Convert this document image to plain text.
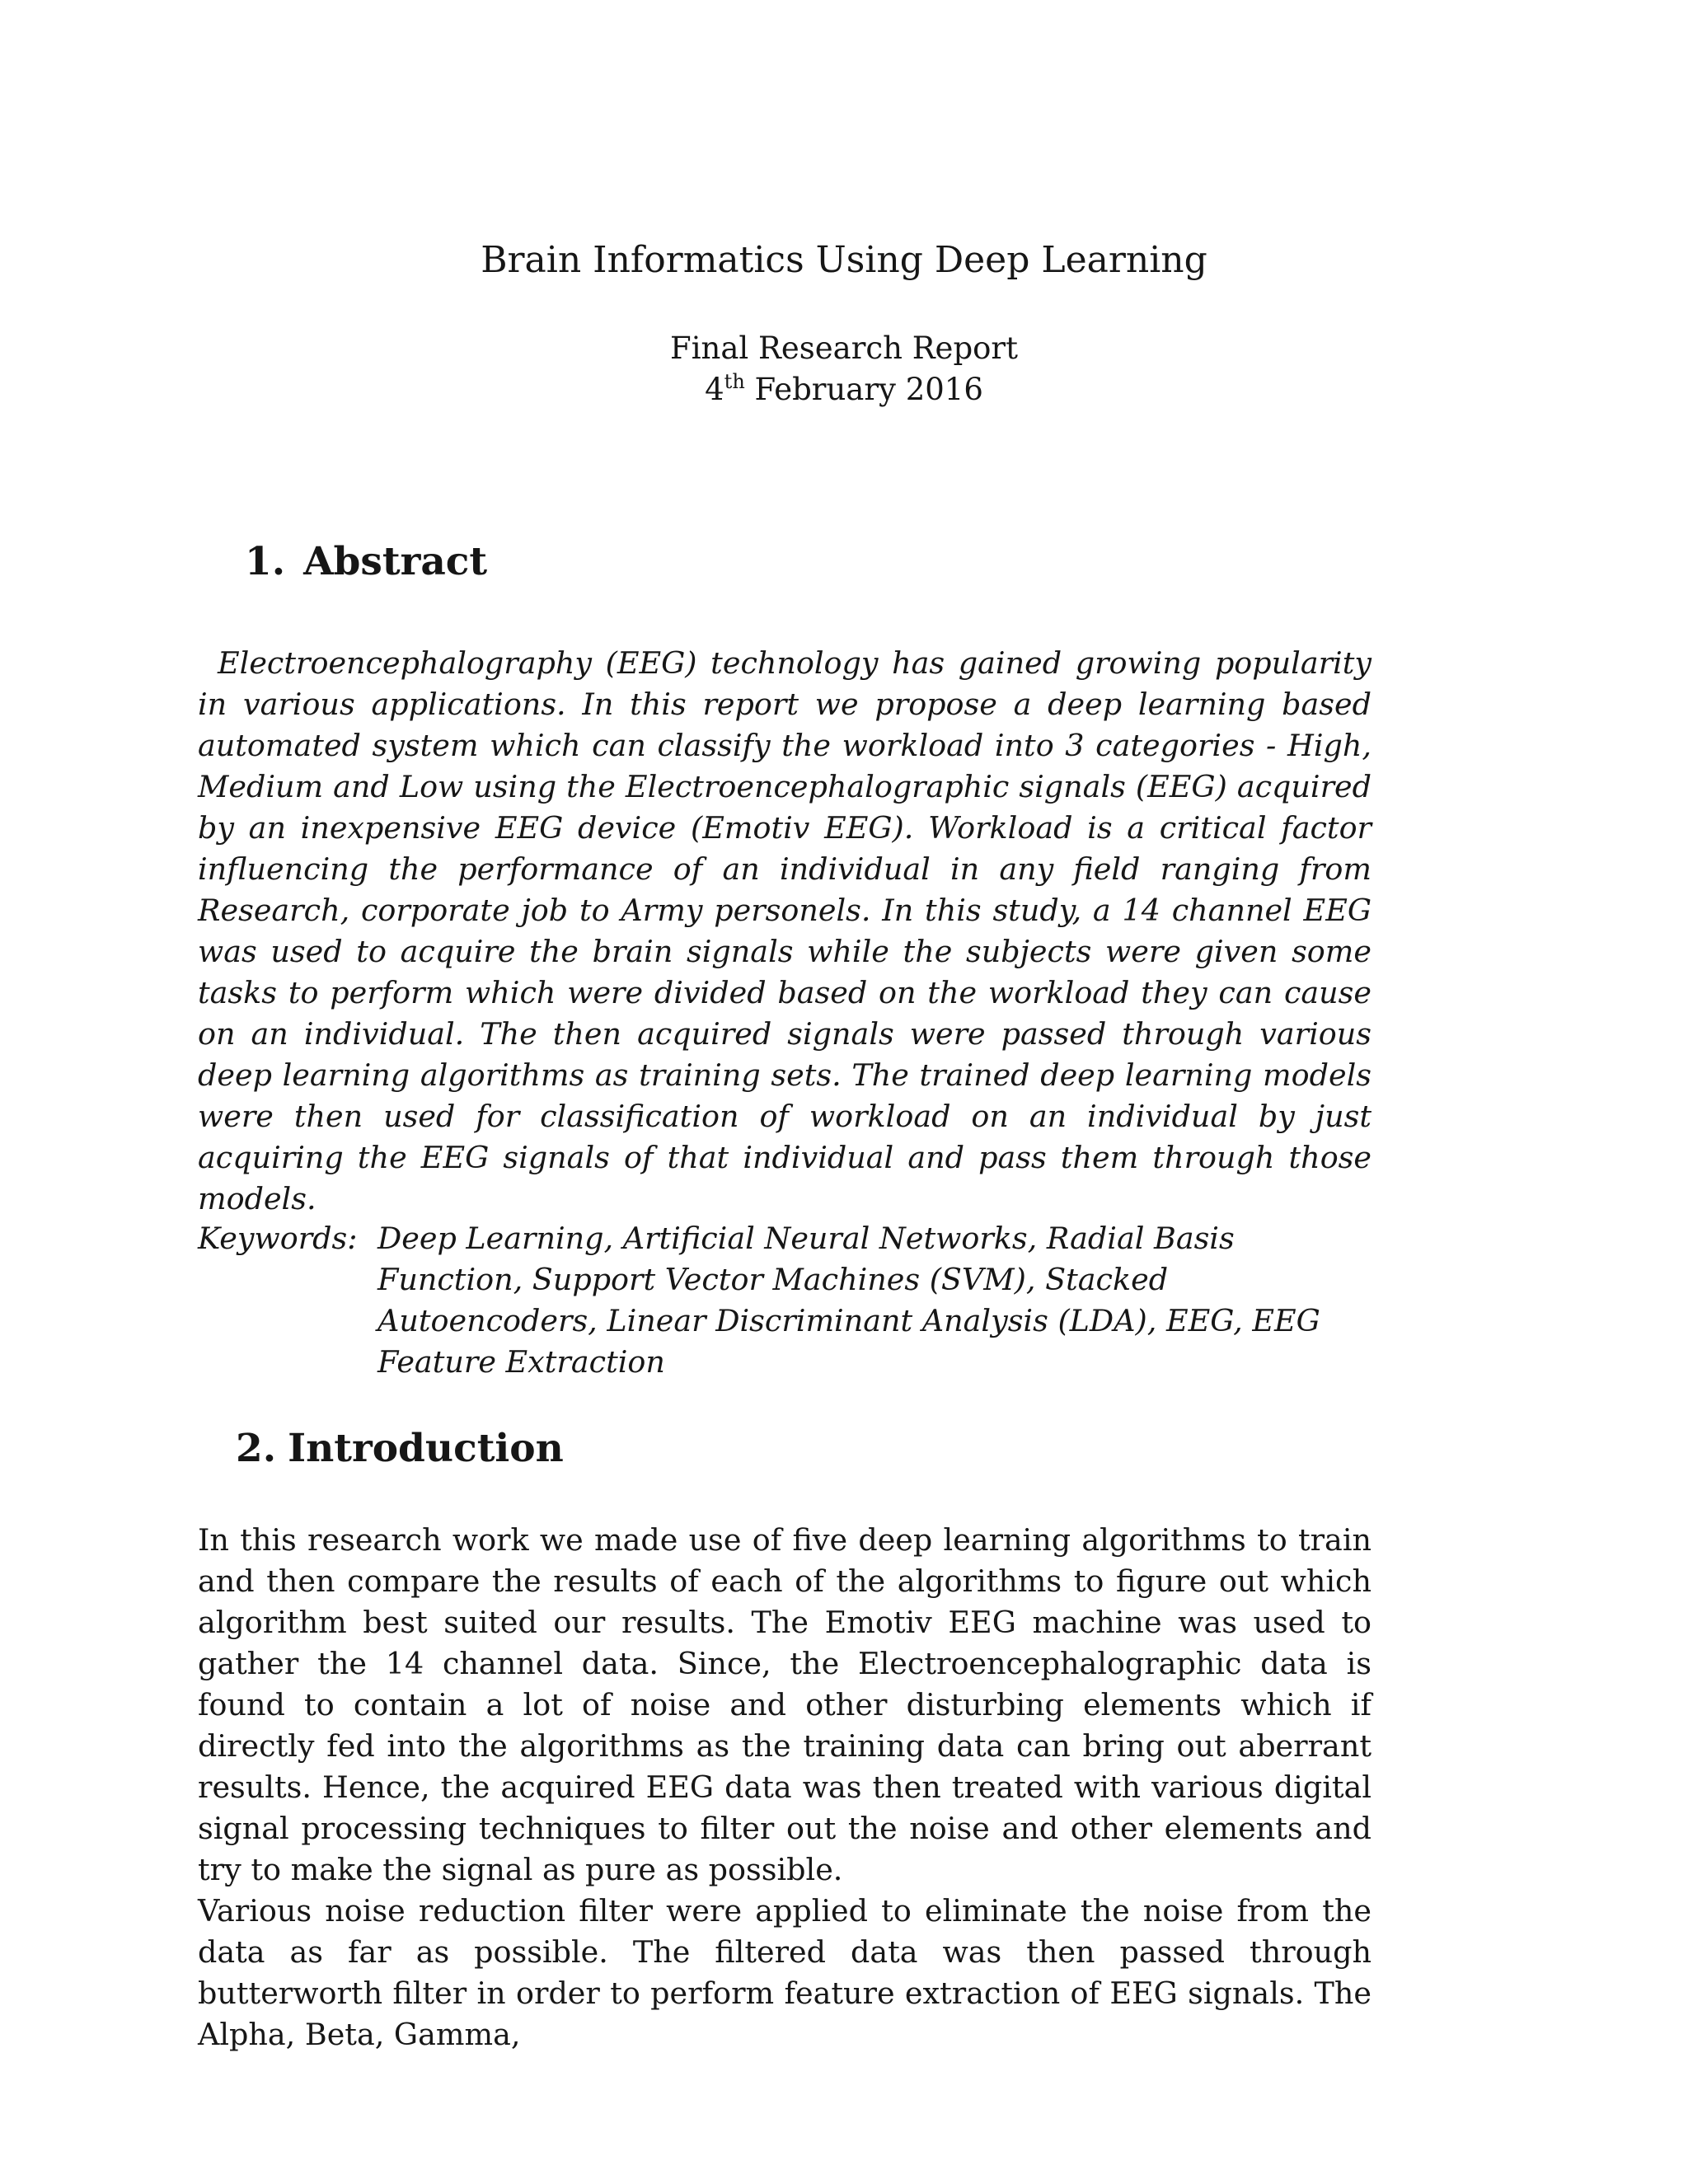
Brain Informatics Using Deep Learning
Final Research Report
4th February 2016
1. Abstract
Electroencephalography (EEG) technology has gained growing popularity in various applications. In this report we propose a deep learning based automated system which can classify the workload into 3 categories - High, Medium and Low using the Electroencephalographic signals (EEG) acquired by an inexpensive EEG device (Emotiv EEG). Workload is a critical factor influencing the performance of an individual in any field ranging from Research, corporate job to Army personels. In this study, a 14 channel EEG was used to acquire the brain signals while the subjects were given some tasks to perform which were divided based on the workload they can cause on an individual. The then acquired signals were passed through various deep learning algorithms as training sets. The trained deep learning models were then used for classification of workload on an individual by just acquiring the EEG signals of that individual and pass them through those models.
Keywords: Deep Learning, Artificial Neural Networks, Radial Basis Function, Support Vector Machines (SVM), Stacked Autoencoders, Linear Discriminant Analysis (LDA), EEG, EEG Feature Extraction
2. Introduction
In this research work we made use of five deep learning algorithms to train and then compare the results of each of the algorithms to figure out which algorithm best suited our results. The Emotiv EEG machine was used to gather the 14 channel data. Since, the Electroencephalographic data is found to contain a lot of noise and other disturbing elements which if directly fed into the algorithms as the training data can bring out aberrant results. Hence, the acquired EEG data was then treated with various digital signal processing techniques to filter out the noise and other elements and try to make the signal as pure as possible.
Various noise reduction filter were applied to eliminate the noise from the data as far as possible. The filtered data was then passed through butterworth filter in order to perform feature extraction of EEG signals. The Alpha, Beta, Gamma,
